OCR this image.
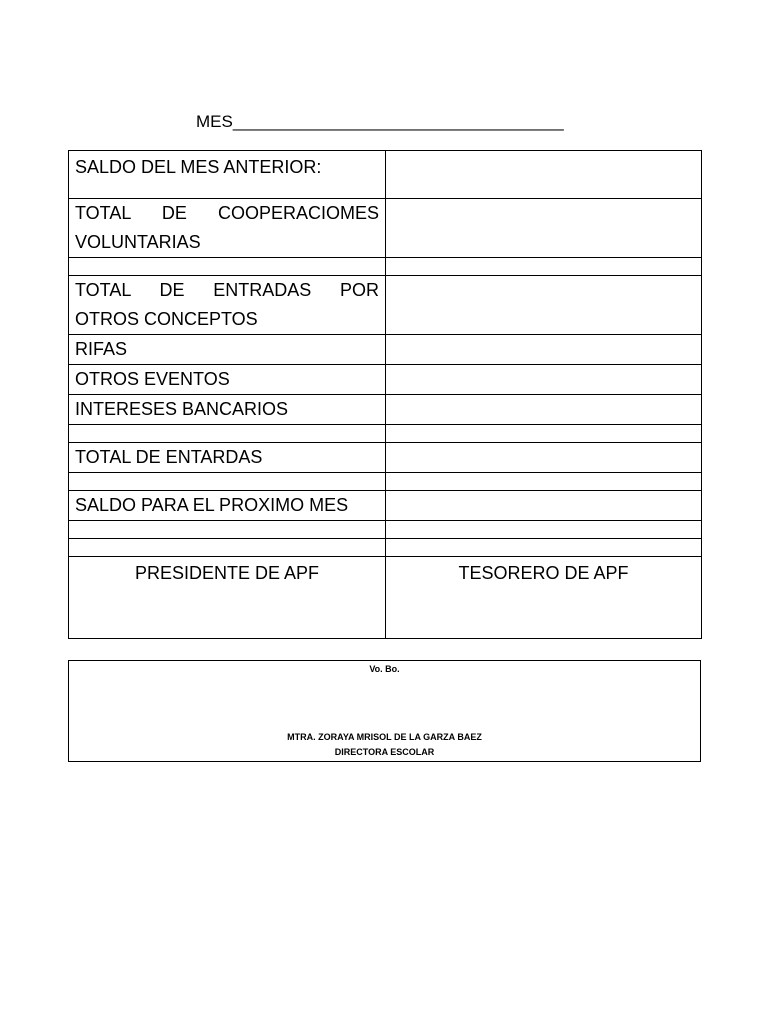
MES___________________________________
SALDO DEL MES ANTERIOR:	

TOTAL DE COOPERACIOMES
VOLUNTARIAS	

TOTAL DE ENTRADAS POR
OTROS CONCEPTOS	
RIFAS	
OTROS EVENTOS	
INTERESES BANCARIOS	

TOTAL DE ENTARDAS	

SALDO PARA EL PROXIMO MES	

PRESIDENTE DE APF	TESORERO DE APF
Vo. Bo.
MTRA. ZORAYA MRISOL DE LA GARZA BAEZ
DIRECTORA ESCOLAR
